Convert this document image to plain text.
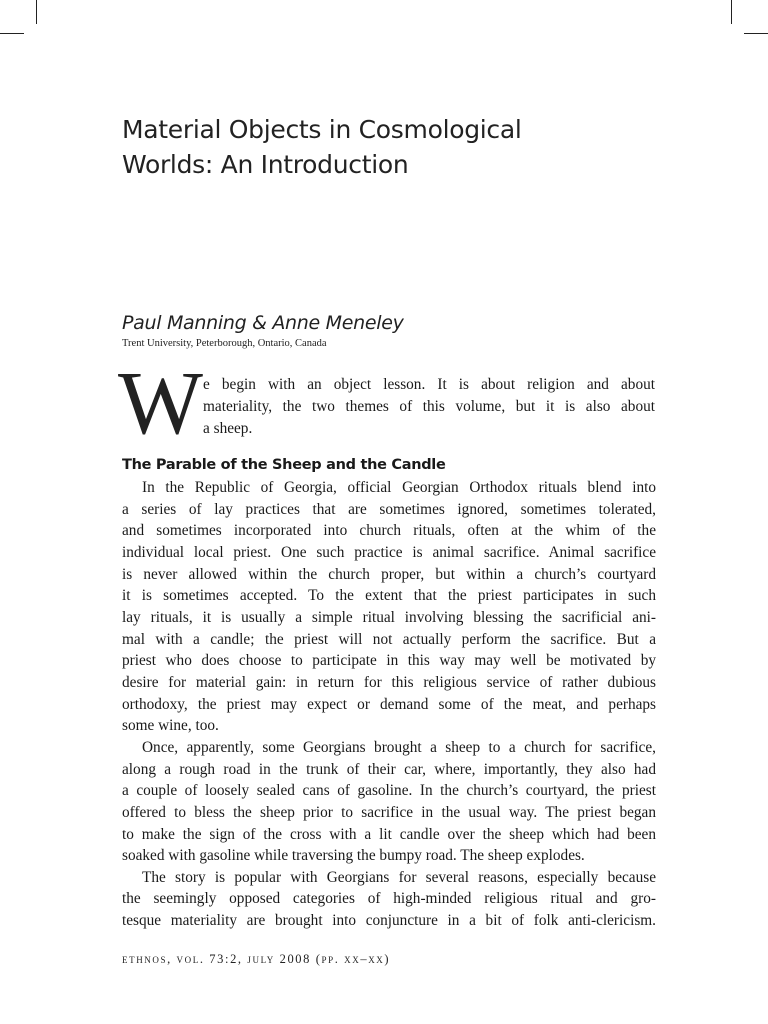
Material Objects in Cosmological
Worlds: An Introduction
Paul Manning & Anne Meneley

Trent University, Peterborough, Ontario, Canada

W e begin with an object lesson. It is about religion and about
materiality, the two themes of this volume, but it is also about
a sheep.
The Parable of the Sheep and the Candle
In the Republic of Georgia, official Georgian Orthodox rituals blend into
a series of lay practices that are sometimes ignored, sometimes tolerated,
and sometimes incorporated into church rituals, often at the whim of the
individual local priest. One such practice is animal sacrifice. Animal sacrifice
is never allowed within the church proper, but within a church’s courtyard
it is sometimes accepted. To the extent that the priest participates in such
lay rituals, it is usually a simple ritual involving blessing the sacrificial ani-
mal with a candle; the priest will not actually perform the sacrifice. But a
priest who does choose to participate in this way may well be motivated by
desire for material gain: in return for this religious service of rather dubious
orthodoxy, the priest may expect or demand some of the meat, and perhaps
some wine, too.
Once, apparently, some Georgians brought a sheep to a church for sacrifice,
along a rough road in the trunk of their car, where, importantly, they also had
a couple of loosely sealed cans of gasoline. In the church’s courtyard, the priest
offered to bless the sheep prior to sacrifice in the usual way. The priest began
to make the sign of the cross with a lit candle over the sheep which had been
soaked with gasoline while traversing the bumpy road. The sheep explodes.
The story is popular with Georgians for several reasons, especially because
the seemingly opposed categories of high-minded religious ritual and gro-
tesque materiality are brought into conjuncture in a bit of folk anti-clericism.

ethnos, vol. 73:2, july 2008 (pp. xx–xx)
